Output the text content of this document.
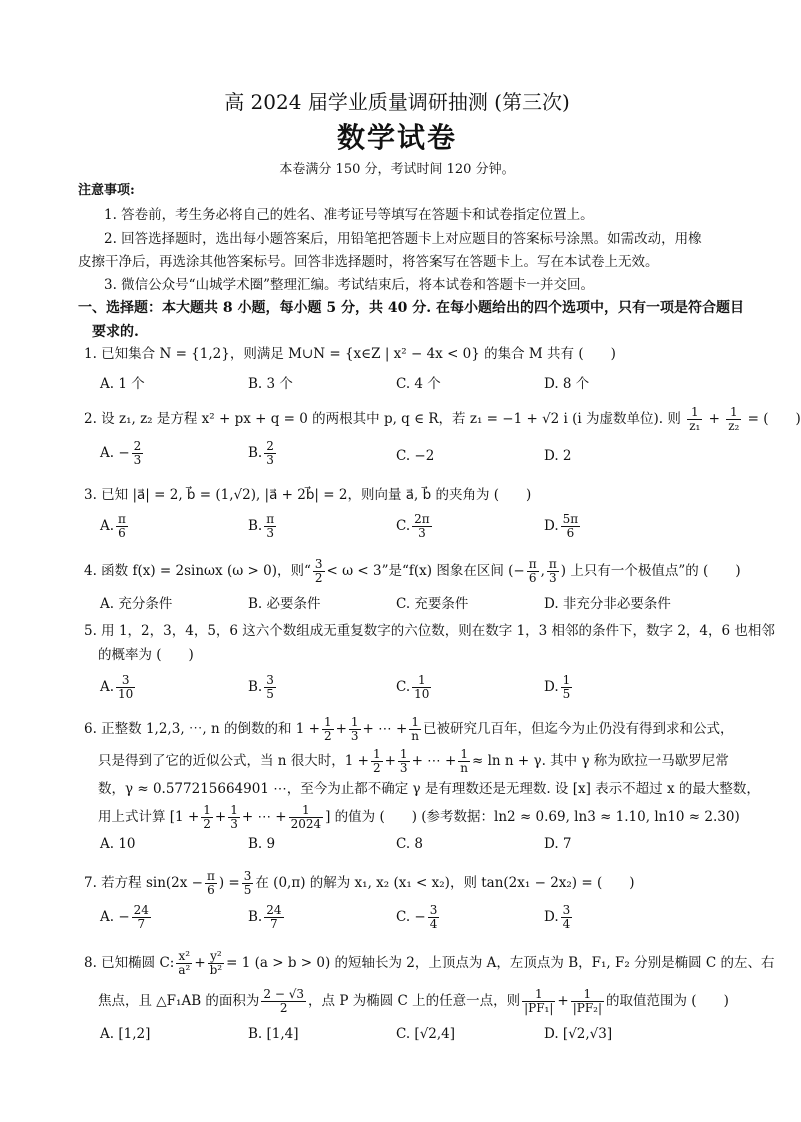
高 2024 届学业质量调研抽测 (第三次)
数学试卷
本卷满分 150 分，考试时间 120 分钟。
注意事项:
1. 答卷前，考生务必将自己的姓名、准考证号等填写在答题卡和试卷指定位置上。
2. 回答选择题时，选出每小题答案后，用铅笔把答题卡上对应题目的答案标号涂黑。如需改动，用橡
皮擦干净后，再选涂其他答案标号。回答非选择题时，将答案写在答题卡上。写在本试卷上无效。
3. 微信公众号“山城学术圈”整理汇编。考试结束后，将本试卷和答题卡一并交回。
一、选择题：本大题共 8 小题，每小题 5 分，共 40 分. 在每小题给出的四个选项中，只有一项是符合题目
要求的.
1. 已知集合 N = {1,2}，则满足 M∪N = {x∈Z | x² − 4x < 0} 的集合 M 共有 (　　)
A. 1 个	B. 3 个	C. 4 个	D. 8 个
2. 设 z₁, z₂ 是方程 x² + px + q = 0 的两根其中 p, q ∈ R，若 z₁ = −1 + √2 i (i 为虚数单位). 则 $\frac{1}{\text{z₁}} + \frac{1}{\text{z₂}}$ = (　　)
A. − $\frac{2}{3}$	B. $\frac{2}{3}$	C. −2	D. 2
3. 已知 |a⃗| = 2, b⃗ = (1,√2), |a⃗ + 2b⃗| = 2，则向量 a⃗, b⃗ 的夹角为 (　　)
A. $\frac{\pi}{6}$	B. $\frac{\pi}{3}$	C. $\frac{2\pi}{3}$	D. $\frac{5\pi}{6}$
4. 函数 f(x) = 2sinωx (ω > 0)，则“ $\frac{3}{2} < \omega < 3$”是“f(x) 图象在区间 (− $\frac{\pi}{6}$ , $\frac{\pi}{3}$ ) 上只有一个极值点”的 (　　)
A. 充分条件	B. 必要条件	C. 充要条件	D. 非充分非必要条件
5. 用 1，2，3，4，5，6 这六个数组成无重复数字的六位数，则在数字 1，3 相邻的条件下，数字 2，4，6 也相邻
的概率为 (　　)
A. $\frac{3}{10}$	B. $\frac{3}{5}$	C. $\frac{1}{10}$	D. $\frac{1}{5}$
6. 正整数 1,2,3, ⋯, n 的倒数的和 $1 + \frac{1}{2} + \frac{1}{3}$ + ⋯ + $\frac{1}{n}$ 已被研究几百年，但迄今为止仍没有得到求和公式，
只是得到了它的近似公式，当 n 很大时，$1 + \frac{1}{2} + \frac{1}{3}$ + ⋯ + $\frac{1}{n} \approx \ln n + \gamma$. 其中 γ 称为欧拉一马歇罗尼常
数，γ ≈ 0.577215664901 ⋯，至今为止都不确定 γ 是有理数还是无理数. 设 [x] 表示不超过 x 的最大整数，
用上式计算 [$1 + \frac{1}{2} + \frac{1}{3}$ + ⋯ + $\frac{1}{2024}$ ] 的值为 (　　) (参考数据：ln2 ≈ 0.69, ln3 ≈ 1.10, ln10 ≈ 2.30)
A. 10	B. 9	C. 8	D. 7
7. 若方程 $\sin(2x - \frac{\pi}{6}$ ) = $\frac{3}{5}$ 在 (0,π) 的解为 x₁, x₂ (x₁ < x₂)，则 tan(2x₁ − 2x₂) = (　　)
A. − $\frac{24}{7}$	B. $\frac{24}{7}$	C. − $\frac{3}{4}$	D. $\frac{3}{4}$
8. 已知椭圆 C: $\frac{\text{x²}}{\text{a²}} + \frac{\text{y²}}{\text{b²}} = 1$ (a > b > 0) 的短轴长为 2，上顶点为 A，左顶点为 B，F₁, F₂ 分别是椭圆 C 的左、右
焦点，且 △F₁AB 的面积为 $\frac{2 - √3}{2}$ ，点 P 为椭圆 C 上的任意一点，则 $\frac{1}{\text{|PF₁|}} + \frac{1}{\text{|PF₂|}}$ 的取值范围为 (　　)
A. [1,2]	B. [1,4]	C. [√2,4]	D. [√2,√3]
